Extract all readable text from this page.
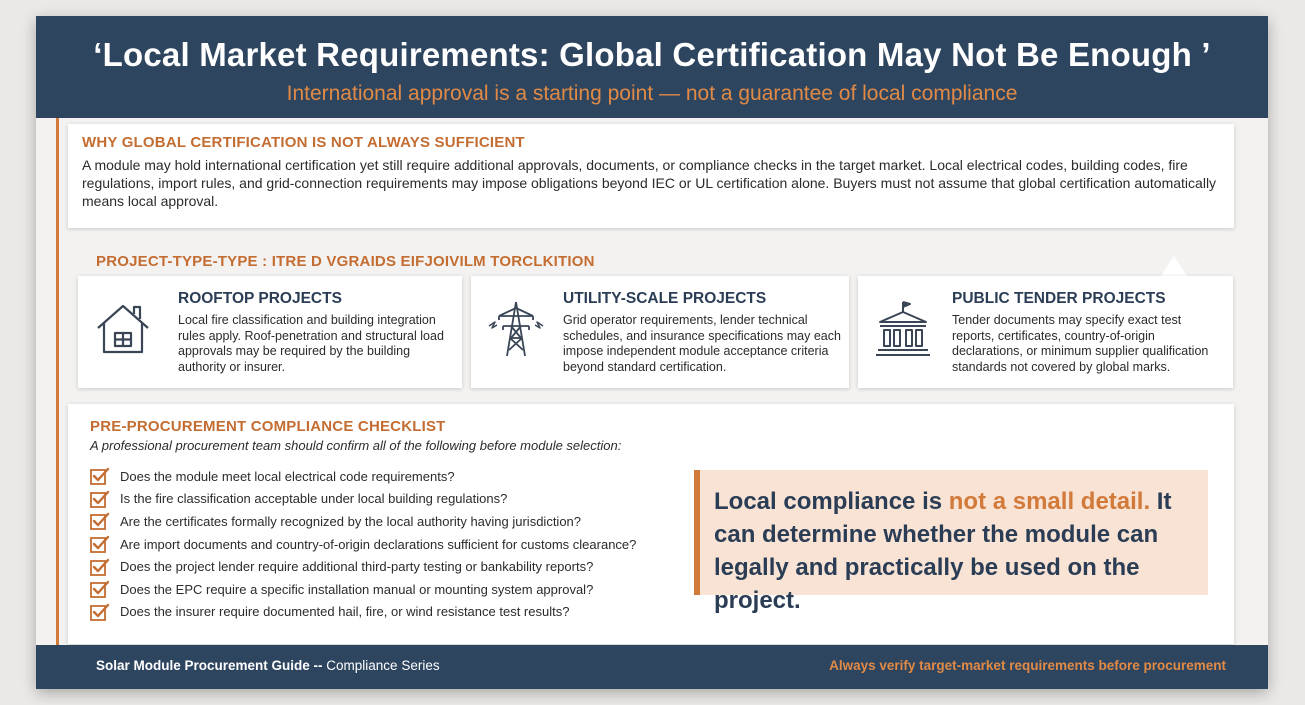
‘Local Market Requirements: Global Certification May Not Be Enough ’
International approval is a starting point — not a guarantee of local compliance
WHY GLOBAL CERTIFICATION IS NOT ALWAYS SUFFICIENT
A module may hold international certification yet still require additional approvals, documents, or compliance checks in the target market. Local electrical codes, building codes, fire regulations, import rules, and grid-connection requirements may impose obligations beyond IEC or UL certification alone. Buyers must not assume that global certification automatically means local approval.
PROJECT-TYPE-TYPE : ITRE D VGRAIDS EIFJOIVILM TORCLKITION
ROOFTOP PROJECTS
Local fire classification and building integration rules apply. Roof-penetration and structural load approvals may be required by the building authority or insurer.
UTILITY-SCALE PROJECTS
Grid operator requirements, lender technical schedules, and insurance specifications may each impose independent module acceptance criteria beyond standard certification.
PUBLIC TENDER PROJECTS
Tender documents may specify exact test reports, certificates, country-of-origin declarations, or minimum supplier qualification standards not covered by global marks.
PRE-PROCUREMENT COMPLIANCE CHECKLIST
A professional procurement team should confirm all of the following before module selection:
Does the module meet local electrical code requirements?
Is the fire classification acceptable under local building regulations?
Are the certificates formally recognized by the local authority having jurisdiction?
Are import documents and country-of-origin declarations sufficient for customs clearance?
Does the project lender require additional third-party testing or bankability reports?
Does the EPC require a specific installation manual or mounting system approval?
Does the insurer require documented hail, fire, or wind resistance test results?
Local compliance is not a small detail. It can determine whether the module can legally and practically be used on the project.
Solar Module Procurement Guide -- Compliance Series	Always verify target-market requirements before procurement
